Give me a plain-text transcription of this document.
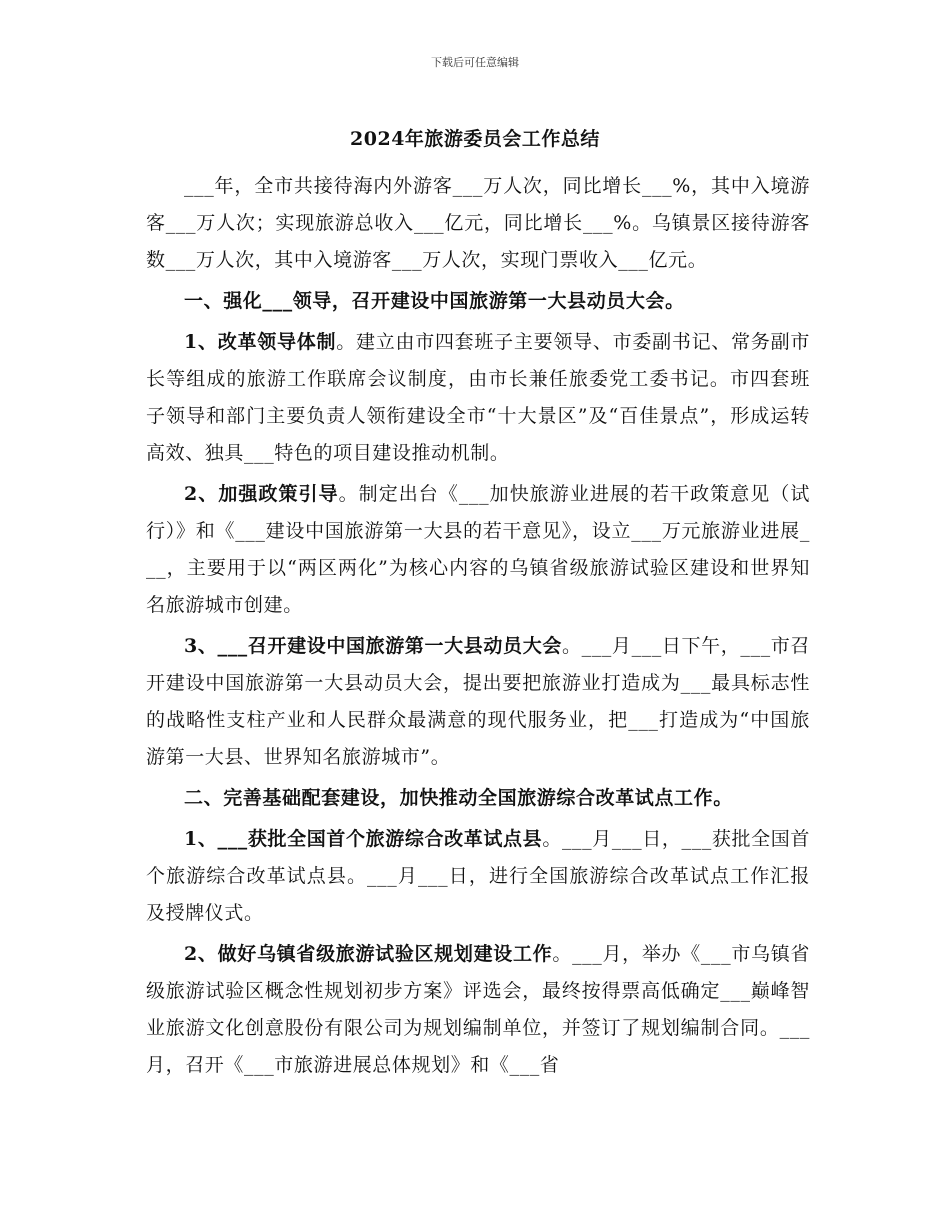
下载后可任意编辑
2024年旅游委员会工作总结

___年，全市共接待海内外游客___万人次，同比增长___%，其中入境游客___万人次；实现旅游总收入___亿元，同比增长___%。乌镇景区接待游客数___万人次，其中入境游客___万人次，实现门票收入___亿元。

一、强化___领导，召开建设中国旅游第一大县动员大会。

1、改革领导体制。建立由市四套班子主要领导、市委副书记、常务副市长等组成的旅游工作联席会议制度，由市长兼任旅委党工委书记。市四套班子领导和部门主要负责人领衔建设全市“十大景区”及“百佳景点”，形成运转高效、独具___特色的项目建设推动机制。

2、加强政策引导。制定出台《___加快旅游业进展的若干政策意见（试行）》和《___建设中国旅游第一大县的若干意见》，设立___万元旅游业进展___，主要用于以“两区两化”为核心内容的乌镇省级旅游试验区建设和世界知名旅游城市创建。

3、___召开建设中国旅游第一大县动员大会。___月___日下午，___市召开建设中国旅游第一大县动员大会，提出要把旅游业打造成为___最具标志性的战略性支柱产业和人民群众最满意的现代服务业，把___打造成为“中国旅游第一大县、世界知名旅游城市”。

二、完善基础配套建设，加快推动全国旅游综合改革试点工作。

1、___获批全国首个旅游综合改革试点县。___月___日，___获批全国首个旅游综合改革试点县。___月___日，进行全国旅游综合改革试点工作汇报及授牌仪式。

2、做好乌镇省级旅游试验区规划建设工作。___月，举办《___市乌镇省级旅游试验区概念性规划初步方案》评选会，最终按得票高低确定___巅峰智业旅游文化创意股份有限公司为规划编制单位，并签订了规划编制合同。___月，召开《___市旅游进展总体规划》和《___省
